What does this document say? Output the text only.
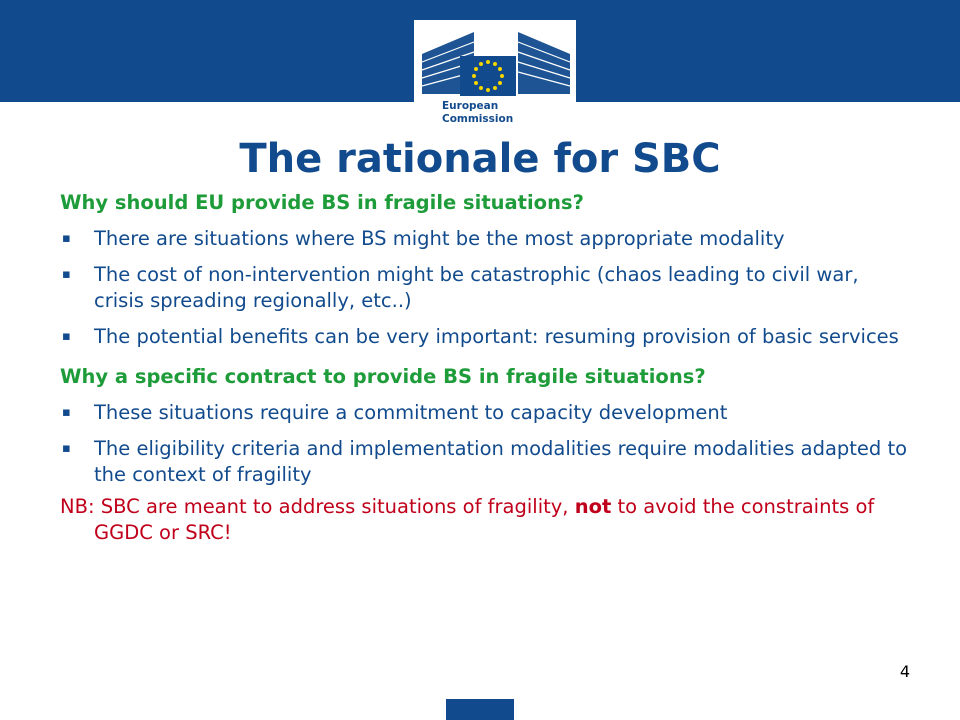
European
Commission
The rationale for SBC

Why should EU provide BS in fragile situations?

▪ There are situations where BS might be the most appropriate modality
▪ The cost of non-intervention might be catastrophic (chaos leading to civil war, crisis spreading regionally, etc..)
▪ The potential benefits can be very important: resuming provision of basic services

Why a specific contract to provide BS in fragile situations?

▪ These situations require a commitment to capacity development
▪ The eligibility criteria and implementation modalities require modalities adapted to the context of fragility

NB: SBC are meant to address situations of fragility, not to avoid the constraints of GGDC or SRC!

4
